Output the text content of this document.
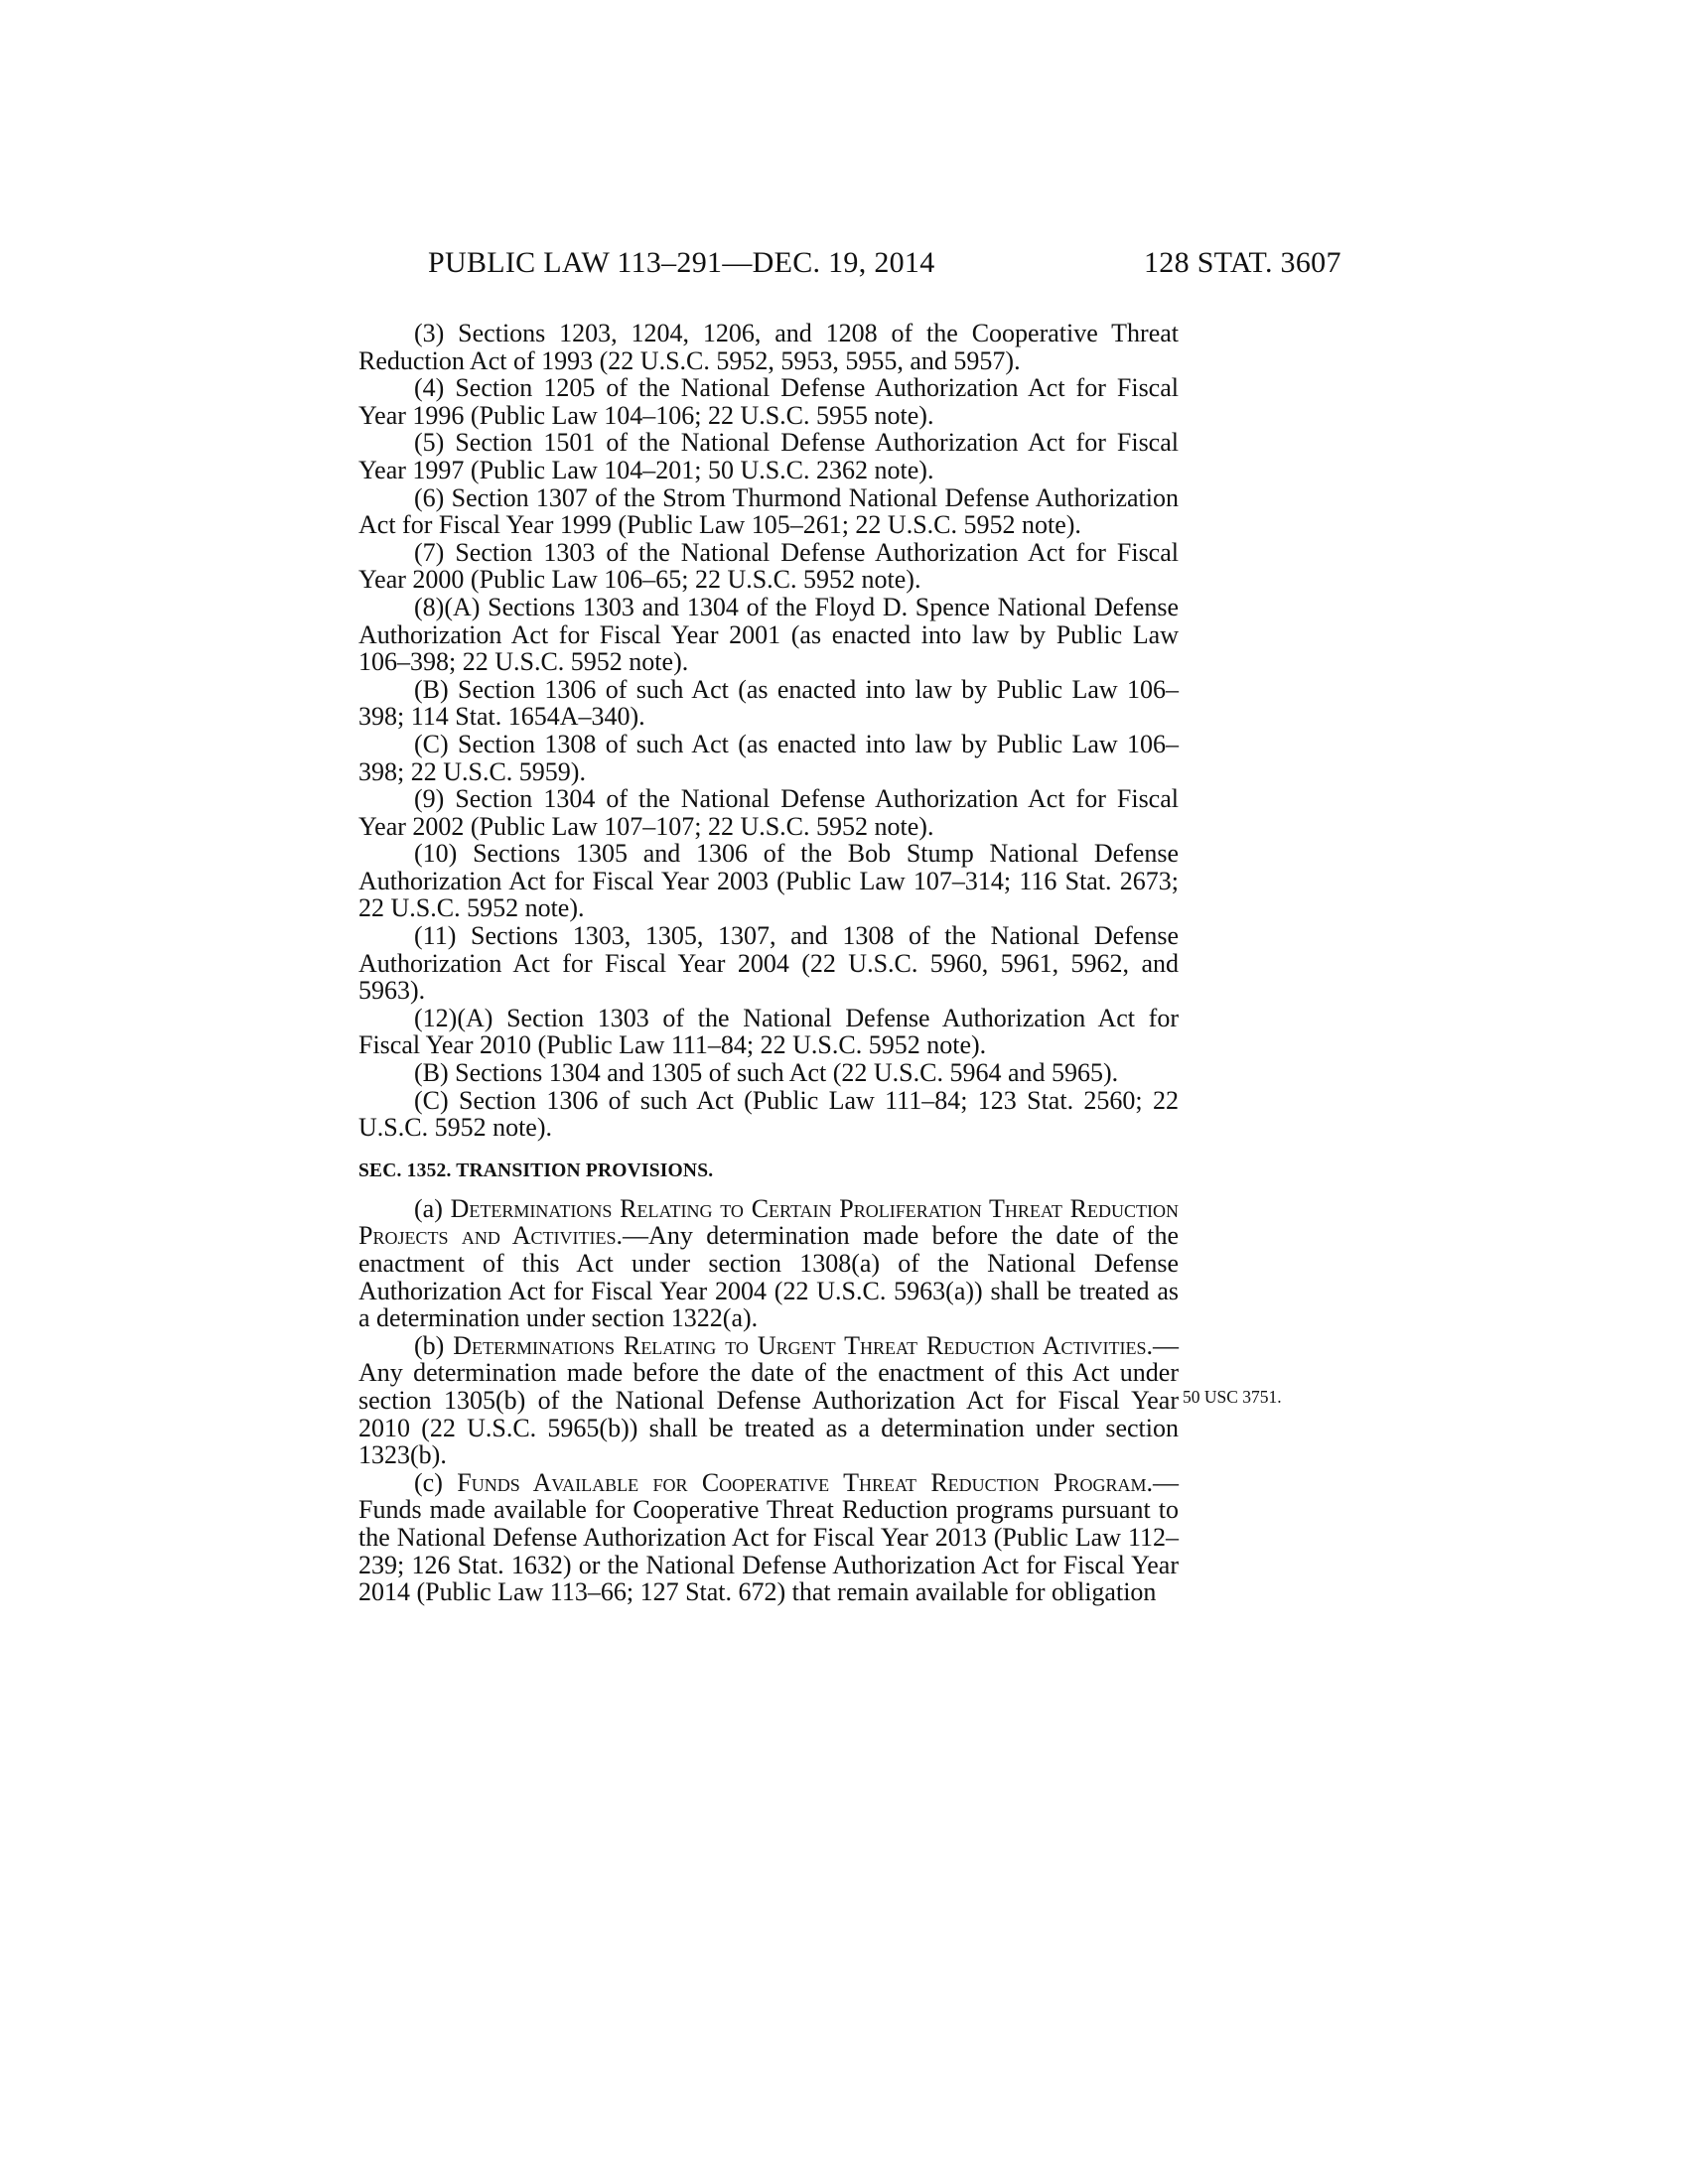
PUBLIC LAW 113–291—DEC. 19, 2014	128 STAT. 3607

(3) Sections 1203, 1204, 1206, and 1208 of the Cooperative Threat Reduction Act of 1993 (22 U.S.C. 5952, 5953, 5955, and 5957).

(4) Section 1205 of the National Defense Authorization Act for Fiscal Year 1996 (Public Law 104–106; 22 U.S.C. 5955 note).

(5) Section 1501 of the National Defense Authorization Act for Fiscal Year 1997 (Public Law 104–201; 50 U.S.C. 2362 note).

(6) Section 1307 of the Strom Thurmond National Defense Authorization Act for Fiscal Year 1999 (Public Law 105–261; 22 U.S.C. 5952 note).

(7) Section 1303 of the National Defense Authorization Act for Fiscal Year 2000 (Public Law 106–65; 22 U.S.C. 5952 note).

(8)(A) Sections 1303 and 1304 of the Floyd D. Spence National Defense Authorization Act for Fiscal Year 2001 (as enacted into law by Public Law 106–398; 22 U.S.C. 5952 note).

(B) Section 1306 of such Act (as enacted into law by Public Law 106–398; 114 Stat. 1654A–340).

(C) Section 1308 of such Act (as enacted into law by Public Law 106–398; 22 U.S.C. 5959).

(9) Section 1304 of the National Defense Authorization Act for Fiscal Year 2002 (Public Law 107–107; 22 U.S.C. 5952 note).

(10) Sections 1305 and 1306 of the Bob Stump National Defense Authorization Act for Fiscal Year 2003 (Public Law 107–314; 116 Stat. 2673; 22 U.S.C. 5952 note).

(11) Sections 1303, 1305, 1307, and 1308 of the National Defense Authorization Act for Fiscal Year 2004 (22 U.S.C. 5960, 5961, 5962, and 5963).

(12)(A) Section 1303 of the National Defense Authorization Act for Fiscal Year 2010 (Public Law 111–84; 22 U.S.C. 5952 note).

(B) Sections 1304 and 1305 of such Act (22 U.S.C. 5964 and 5965).

(C) Section 1306 of such Act (Public Law 111–84; 123 Stat. 2560; 22 U.S.C. 5952 note).

SEC. 1352. TRANSITION PROVISIONS.

(a) Determinations Relating to Certain Proliferation Threat Reduction Projects and Activities.—Any determination made before the date of the enactment of this Act under section 1308(a) of the National Defense Authorization Act for Fiscal Year 2004 (22 U.S.C. 5963(a)) shall be treated as a determination under section 1322(a).

(b) Determinations Relating to Urgent Threat Reduction Activities.—Any determination made before the date of the enactment of this Act under section 1305(b) of the National Defense Authorization Act for Fiscal Year 2010 (22 U.S.C. 5965(b)) shall be treated as a determination under section 1323(b).

(c) Funds Available for Cooperative Threat Reduction Program.—Funds made available for Cooperative Threat Reduction programs pursuant to the National Defense Authorization Act for Fiscal Year 2013 (Public Law 112–239; 126 Stat. 1632) or the National Defense Authorization Act for Fiscal Year 2014 (Public Law 113–66; 127 Stat. 672) that remain available for obligation

50 USC 3751.
